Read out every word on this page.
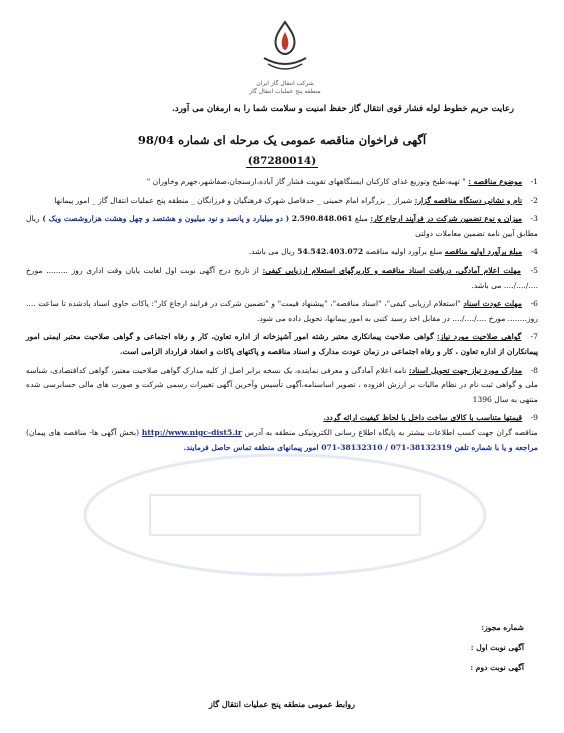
شرکت انتقال گاز ایران
منطقه پنج عملیات انتقال گاز
رعایت حریم خطوط لوله فشار قوی انتقال گاز حفظ امنیت و سلامت شما را به ارمغان می آورد.
آگهی فراخوان مناقصه عمومی یک مرحله ای شماره 98/04
(87280014)

1- موضوع مناقصه : " تهیه،طبخ وتوزیع غذای کارکنان ایستگاههای تقویت فشار گاز آباده،ارسنجان،صفاشهر،جهرم وخاوران "

2- نام و نشانی دستگاه مناقصه گزار: شیراز _ بزرگراه امام خمینی _ حدفاصل شهرک فرهنگیان و فرزانگان _ منطقه پنج عملیات انتقال گاز _ امور پیمانها

3- میزان و نوع تضمین شرکت در فرآیند ارجاع کار: مبلغ 2.590.848.061 ( دو میلیارد و پانصد و نود میلیون و هشتصد و چهل وهشت هزاروشصت ویک ) ریال مطابق آیین نامه تضمین معاملات دولتی

4- مبلغ برآورد اولیه مناقصه مبلغ برآورد اولیه مناقصه 54.542.403.072 ریال می باشد.

5- مهلت اعلام آمادگی، دریافت اسناد مناقصه و کاربرگهای استعلام ارزیابی کیفی: از تاریخ درج آگهی نوبت اول لغایت پایان وقت اداری روز ......... مورخ ..../..../.... می باشد.

6- مهلت عودت اسناد "استعلام ارزیابی کیفی"، "اسناد مناقصه"، "پیشنهاد قیمت" و "تضمین شرکت در فرایند ارجاع کار": پاکات حاوی اسناد پادشده تا ساعت .... روز........ مورخ ..../..../.... در مقابل اخذ رسید کتبی به امور پیمانها، تحویل داده می شود.

7- گواهی صلاحیت مورد نیاز: گواهی صلاحیت پیمانکاری معتبر رشته امور آشپزخانه از اداره تعاون، کار و رفاه اجتماعی و گواهی صلاحیت معتبر ایمنی امور پیمانکاران از اداره تعاون ، کار و رفاه اجتماعی در زمان عودت مدارک و اسناد مناقصه و پاکتهای پاکات و انعقاد قرارداد الزامی است.

8- مدارک مورد نیاز جهت تحویل اسناد: نامه اعلام آمادگی و معرفی نماینده، یک نسخه برابر اصل از کلیه مدارک گواهی صلاحیت معتبر، گواهی کداقتصادی، شناسه ملی و گواهی ثبت نام در نظام مالیات بر ارزش افزوده ، تصویر اساسنامه،آگهی تأسیس وآخرین آگهی تغییرات رسمی شرکت و صورت های مالی حسابرسی شده منتهی به سال 1396

9- قیمتها متناسب با کالای ساخت داخل با لحاظ کیفیت ارائه گردد.

مناقصه گران جهت کسب اطلاعات بیشتر به پایگاه اطلاع رسانی الکترونیکی منطقه به آدرس http://www.nigc-dist5.ir (بخش آگهی ها- مناقصه های پیمان) مراجعه و یا با شماره تلفن 38132319-071 / 38132310-071 امور پیمانهای منطقه تماس حاصل فرمایند.

شماره مجوز:
آگهی نوبت اول :
آگهی نوبت دوم :
روابط عمومی منطقه پنج عملیات انتقال گاز
